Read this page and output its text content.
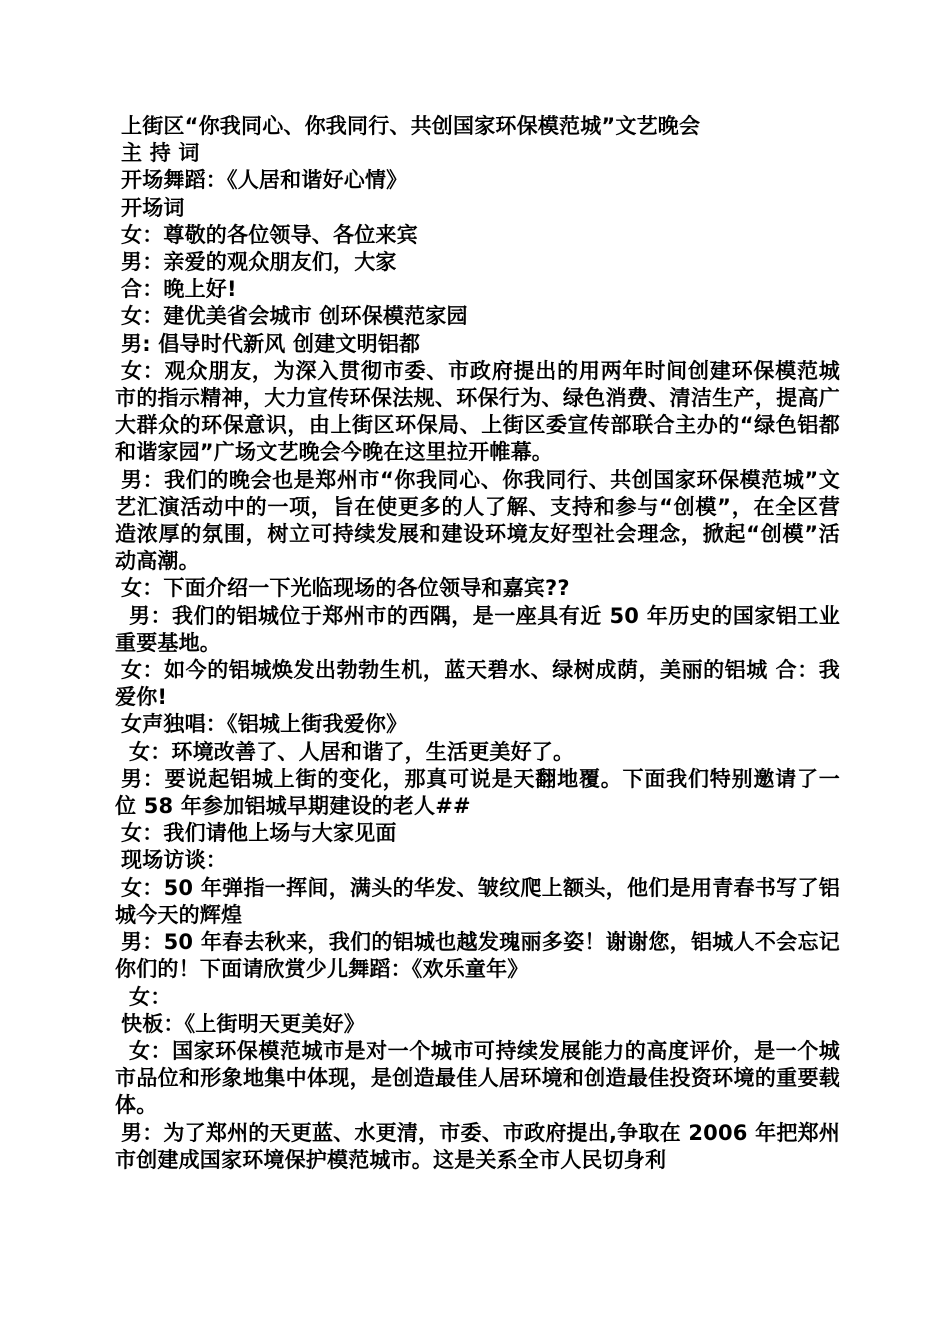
上街区“你我同心、你我同行、共创国家环保模范城”文艺晚会
主 持 词
开场舞蹈：《人居和谐好心情》
开场词
女：尊敬的各位领导、各位来宾
男：亲爱的观众朋友们，大家
合：晚上好!
女：建优美省会城市 创环保模范家园
男: 倡导时代新风 创建文明铝都
女：观众朋友，为深入贯彻市委、市政府提出的用两年时间创建环保模范城市的指示精神，大力宣传环保法规、环保行为、绿色消费、清洁生产，提高广大群众的环保意识，由上街区环保局、上街区委宣传部联合主办的“绿色铝都 和谐家园”广场文艺晚会今晚在这里拉开帷幕。
男：我们的晚会也是郑州市“你我同心、你我同行、共创国家环保模范城”文艺汇演活动中的一项，旨在使更多的人了解、支持和参与“创模”，在全区营造浓厚的氛围，树立可持续发展和建设环境友好型社会理念，掀起“创模”活动高潮。
女：下面介绍一下光临现场的各位领导和嘉宾??
男：我们的铝城位于郑州市的西隅，是一座具有近 50 年历史的国家铝工业重要基地。
女：如今的铝城焕发出勃勃生机，蓝天碧水、绿树成荫，美丽的铝城 合：我爱你!
女声独唱：《铝城上街我爱你》
女：环境改善了、人居和谐了，生活更美好了。
男：要说起铝城上街的变化，那真可说是天翻地覆。下面我们特别邀请了一位 58 年参加铝城早期建设的老人##
女：我们请他上场与大家见面
现场访谈：
女：50 年弹指一挥间，满头的华发、皱纹爬上额头，他们是用青春书写了铝城今天的辉煌
男：50 年春去秋来，我们的铝城也越发瑰丽多姿！谢谢您，铝城人不会忘记你们的！下面请欣赏少儿舞蹈：《欢乐童年》
女：
快板：《上街明天更美好》
女：国家环保模范城市是对一个城市可持续发展能力的高度评价，是一个城市品位和形象地集中体现，是创造最佳人居环境和创造最佳投资环境的重要载体。
男：为了郑州的天更蓝、水更清，市委、市政府提出,争取在 2006 年把郑州市创建成国家环境保护模范城市。这是关系全市人民切身利
